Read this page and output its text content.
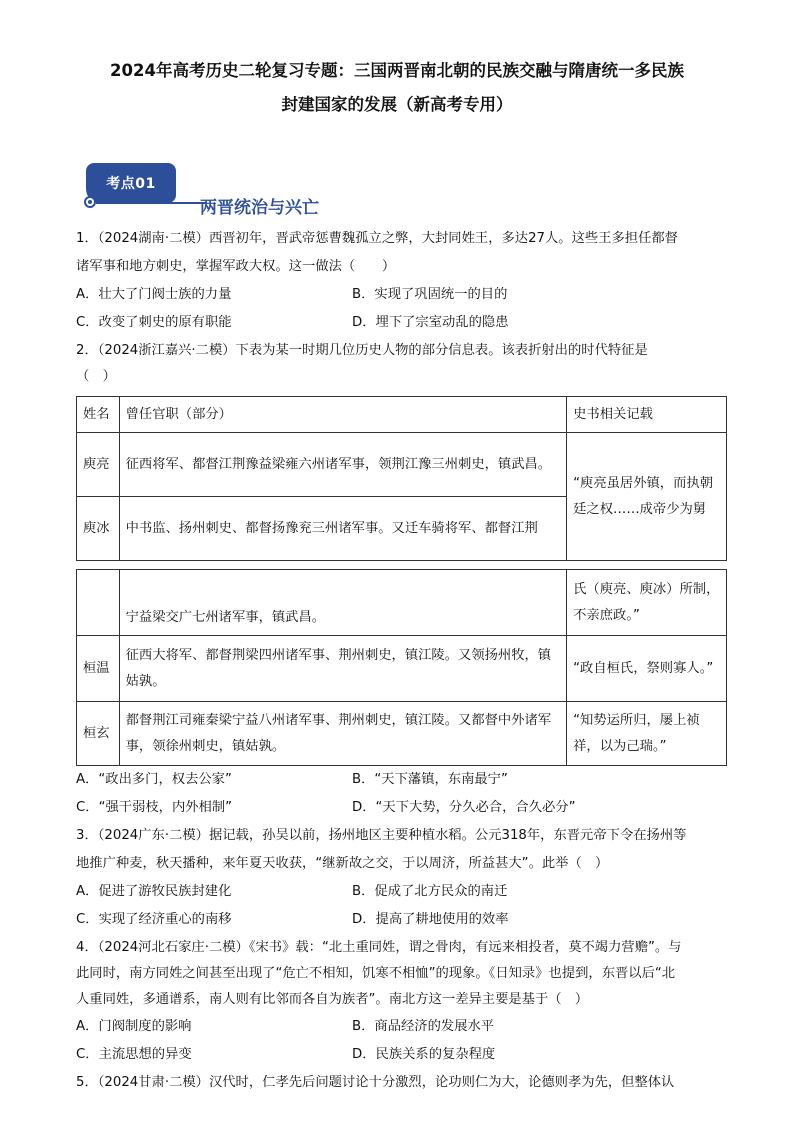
2024年高考历史二轮复习专题：三国两晋南北朝的民族交融与隋唐统一多民族
封建国家的发展（新高考专用）
考点01
两晋统治与兴亡
1．（2024湖南·二模）西晋初年，晋武帝惩曹魏孤立之弊，大封同姓王，多达27人。这些王多担任都督
诸军事和地方刺史，掌握军政大权。这一做法（　　）
A．壮大了门阀士族的力量	B．实现了巩固统一的目的
C．改变了刺史的原有职能	D．埋下了宗室动乱的隐患
2．（2024浙江嘉兴·二模）下表为某一时期几位历史人物的部分信息表。该表折射出的时代特征是
（　）
姓名	曾任官职（部分）	史书相关记载
庾亮	征西将军、都督江荆豫益梁雍六州诸军事，领荆江豫三州刺史，镇武昌。	“庾亮虽居外镇，而执朝廷之权……成帝少为舅
庾冰	中书监、扬州刺史、都督扬豫兖三州诸军事。又迁车骑将军、都督江荆	
	宁益梁交广七州诸军事，镇武昌。	氏（庾亮、庾冰）所制，不亲庶政。”
桓温	征西大将军、都督荆梁四州诸军事、荆州刺史，镇江陵。又领扬州牧，镇姑孰。	“政自桓氏，祭则寡人。”
桓玄	都督荆江司雍秦梁宁益八州诸军事、荆州刺史，镇江陵。又都督中外诸军事，领徐州刺史，镇姑孰。	“知势运所归，屡上祯祥，以为己瑞。”
A．“政出多门，权去公家”	B．“天下藩镇，东南最宁”
C．“强干弱枝，内外相制”	D．“天下大势，分久必合，合久必分”
3．（2024广东·二模）据记载，孙吴以前，扬州地区主要种植水稻。公元318年，东晋元帝下令在扬州等
地推广种麦，秋天播种，来年夏天收获，“继新故之交，于以周济，所益甚大”。此举（　）
A．促进了游牧民族封建化	B．促成了北方民众的南迁
C．实现了经济重心的南移	D．提高了耕地使用的效率
4．（2024河北石家庄·二模）《宋书》载：“北土重同姓，谓之骨肉，有远来相投者，莫不竭力营赡”。与
此同时，南方同姓之间甚至出现了“危亡不相知，饥寒不相恤”的现象。《日知录》也提到，东晋以后“北
人重同姓，多通谱系，南人则有比邻而各自为族者”。南北方这一差异主要是基于（　）
A．门阀制度的影响	B．商品经济的发展水平
C．主流思想的异变	D．民族关系的复杂程度
5．（2024甘肃·二模）汉代时，仁孝先后问题讨论十分激烈，论功则仁为大，论德则孝为先，但整体认
